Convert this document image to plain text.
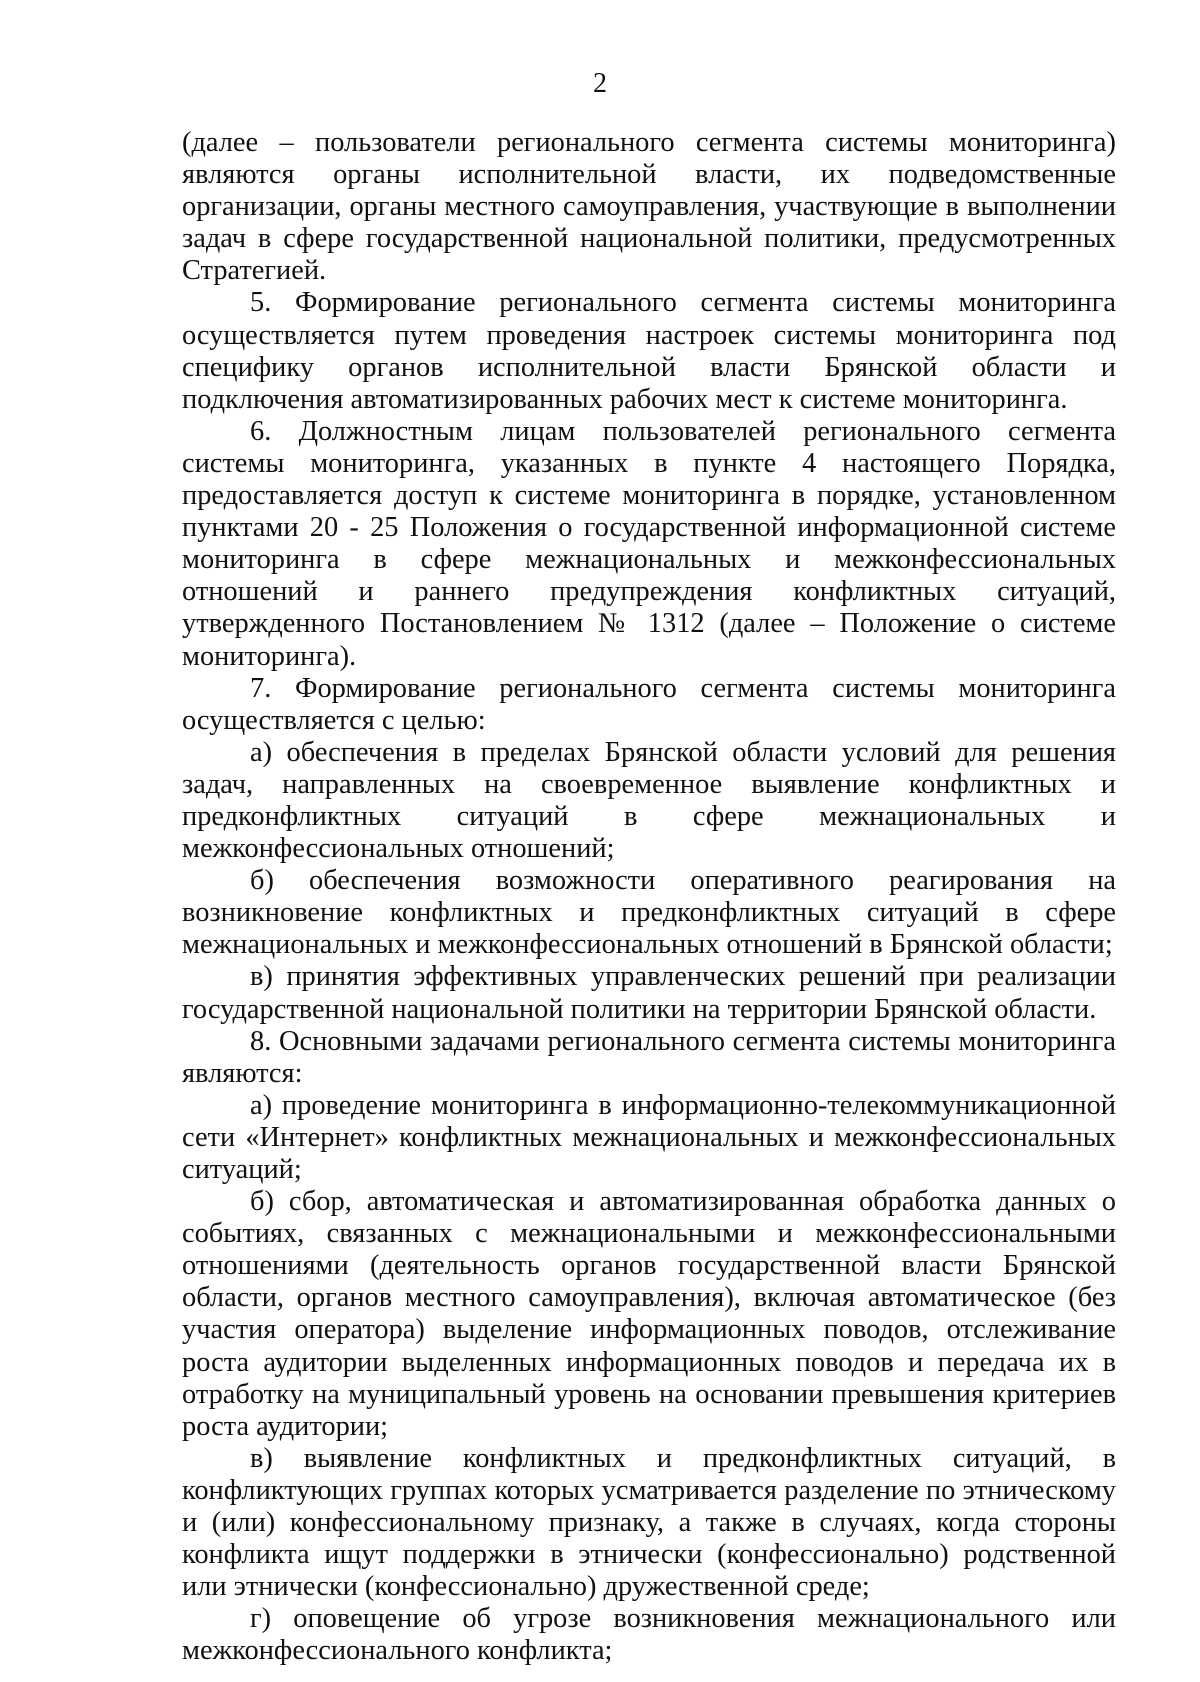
2

(далее – пользователи регионального сегмента системы мониторинга) являются органы исполнительной власти, их подведомственные организации, органы местного самоуправления, участвующие в выполнении задач в сфере государственной национальной политики, предусмотренных Стратегией.

5. Формирование регионального сегмента системы мониторинга осуществляется путем проведения настроек системы мониторинга под специфику органов исполнительной власти Брянской области и подключения автоматизированных рабочих мест к системе мониторинга.

6. Должностным лицам пользователей регионального сегмента системы мониторинга, указанных в пункте 4 настоящего Порядка, предоставляется доступ к системе мониторинга в порядке, установленном пунктами 20 - 25 Положения о государственной информационной системе мониторинга в сфере межнациональных и межконфессиональных отношений и раннего предупреждения конфликтных ситуаций, утвержденного Постановлением № 1312 (далее – Положение о системе мониторинга).

7. Формирование регионального сегмента системы мониторинга осуществляется с целью:

а) обеспечения в пределах Брянской области условий для решения задач, направленных на своевременное выявление конфликтных и предконфликтных ситуаций в сфере межнациональных и межконфессиональных отношений;

б) обеспечения возможности оперативного реагирования на возникновение конфликтных и предконфликтных ситуаций в сфере межнациональных и межконфессиональных отношений в Брянской области;

в) принятия эффективных управленческих решений при реализации государственной национальной политики на территории Брянской области.

8. Основными задачами регионального сегмента системы мониторинга являются:

а) проведение мониторинга в информационно-телекоммуникационной сети «Интернет» конфликтных межнациональных и межконфессиональных ситуаций;

б) сбор, автоматическая и автоматизированная обработка данных о событиях, связанных с межнациональными и межконфессиональными отношениями (деятельность органов государственной власти Брянской области, органов местного самоуправления), включая автоматическое (без участия оператора) выделение информационных поводов, отслеживание роста аудитории выделенных информационных поводов и передача их в отработку на муниципальный уровень на основании превышения критериев роста аудитории;

в) выявление конфликтных и предконфликтных ситуаций, в конфликтующих группах которых усматривается разделение по этническому и (или) конфессиональному признаку, а также в случаях, когда стороны конфликта ищут поддержки в этнически (конфессионально) родственной или этнически (конфессионально) дружественной среде;

г) оповещение об угрозе возникновения межнационального или межконфессионального конфликта;
